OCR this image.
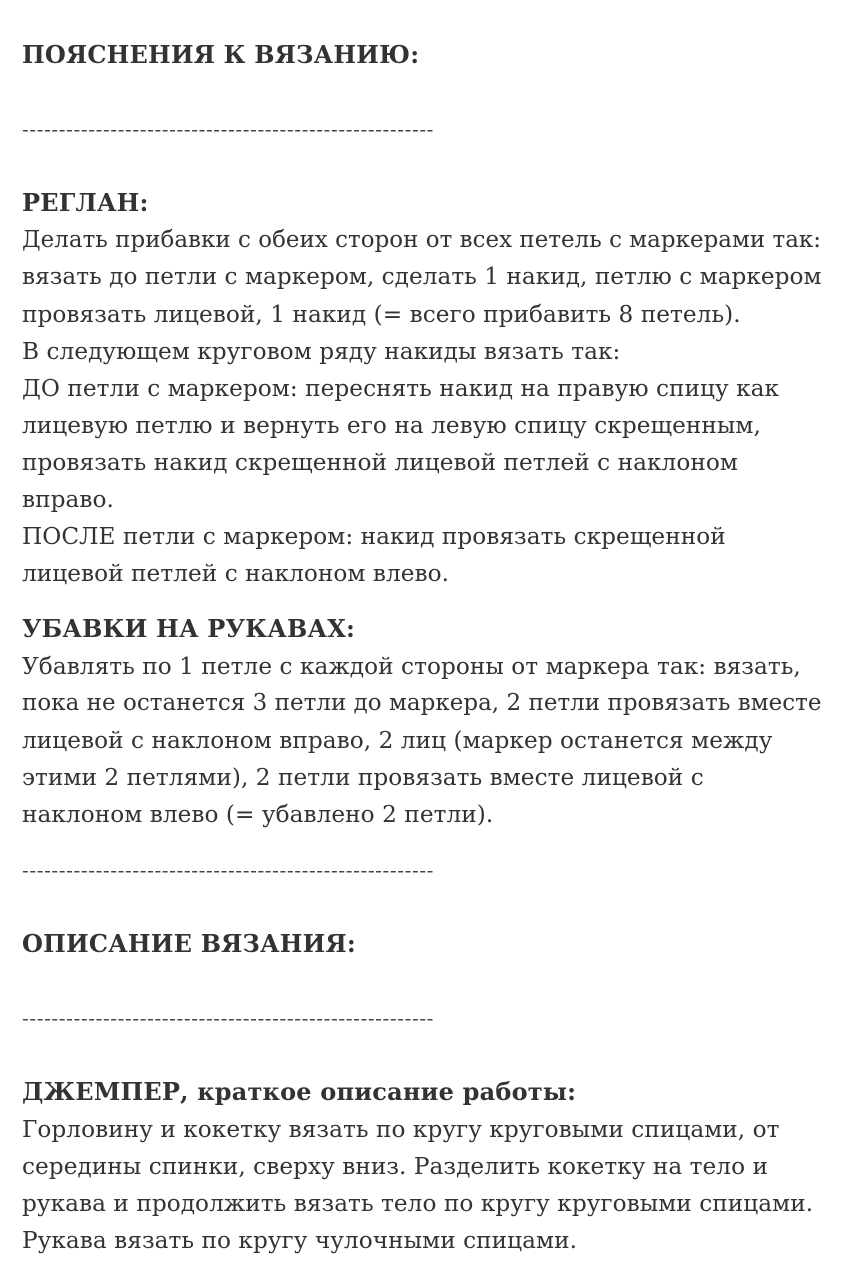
ПОЯСНЕНИЯ К ВЯЗАНИЮ:
--------------------------------------------------------
РЕГЛАН:
Делать прибавки с обеих сторон от всех петель с маркерами так:
вязать до петли с маркером, сделать 1 накид, петлю с маркером
провязать лицевой, 1 накид (= всего прибавить 8 петель).
В следующем круговом ряду накиды вязать так:
ДО петли с маркером: переснять накид на правую спицу как
лицевую петлю и вернуть его на левую спицу скрещенным,
провязать накид скрещенной лицевой петлей с наклоном
вправо.
ПОСЛЕ петли с маркером: накид провязать скрещенной
лицевой петлей с наклоном влево.
УБАВКИ НА РУКАВАХ:
Убавлять по 1 петле с каждой стороны от маркера так: вязать,
пока не останется 3 петли до маркера, 2 петли провязать вместе
лицевой с наклоном вправо, 2 лиц (маркер останется между
этими 2 петлями), 2 петли провязать вместе лицевой с
наклоном влево (= убавлено 2 петли).
--------------------------------------------------------
ОПИСАНИЕ ВЯЗАНИЯ:
--------------------------------------------------------
ДЖЕМПЕР, краткое описание работы:
Горловину и кокетку вязать по кругу круговыми спицами, от
середины спинки, сверху вниз. Разделить кокетку на тело и
рукава и продолжить вязать тело по кругу круговыми спицами.
Рукава вязать по кругу чулочными спицами.
